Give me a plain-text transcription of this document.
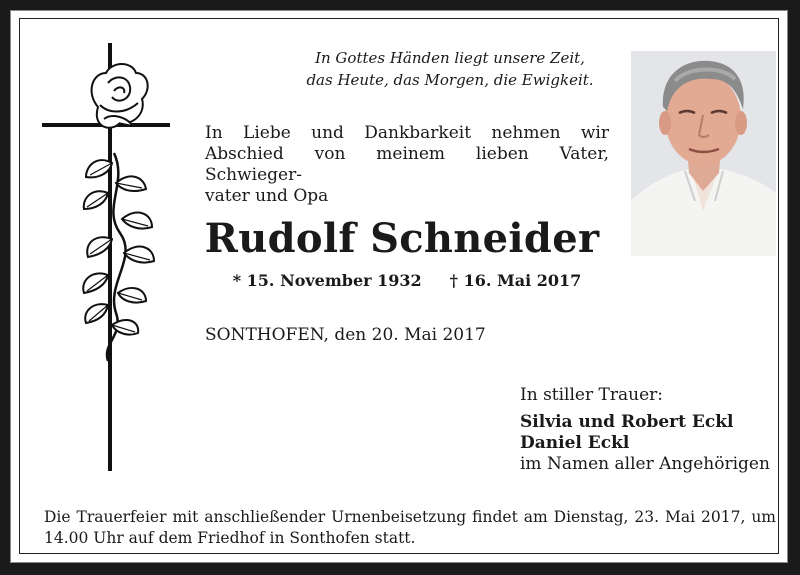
In Gottes Händen liegt unsere Zeit,
das Heute, das Morgen, die Ewigkeit.
In Liebe und Dankbarkeit nehmen wir
Abschied von meinem lieben Vater, Schwieger-
vater und Opa
Rudolf Schneider
* 15. November 1932 † 16. Mai 2017
SONTHOFEN, den 20. Mai 2017
In stiller Trauer:
Silvia und Robert Eckl
Daniel Eckl
im Namen aller Angehörigen
Die Trauerfeier mit anschließender Urnenbeisetzung findet am Dienstag, 23. Mai 2017, um
14.00 Uhr auf dem Friedhof in Sonthofen statt.
